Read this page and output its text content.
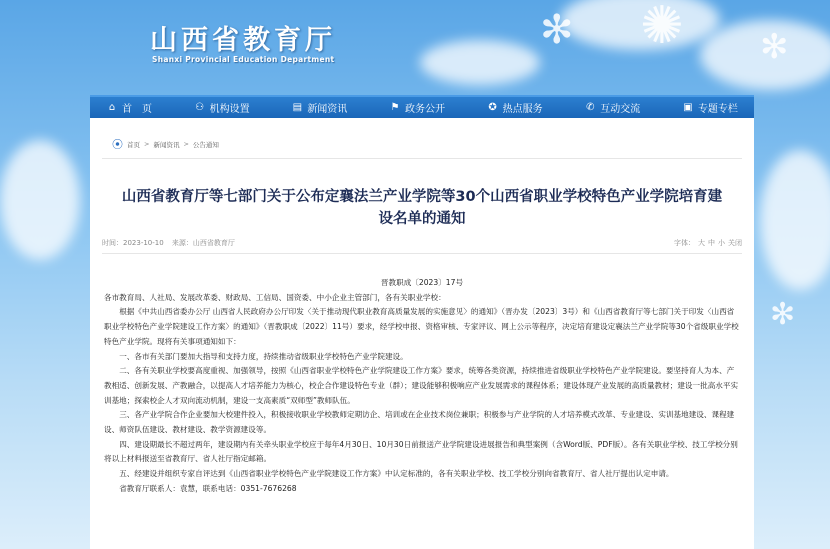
✻ ✺ ✻
山西省教育厅
Shanxi Provincial Education Department
✻
⌂ 首　页	⚇ 机构设置	▤ 新闻资讯	⚑ 政务公开	✪ 热点服务	✆ 互动交流	▣ 专题专栏
⦿ 首页 > 新闻资讯 > 公告通知
山西省教育厅等七部门关于公布定襄法兰产业学院等30个山西省职业学校特色产业学院培育建
设名单的通知
时间：2023-10-10 来源：山西省教育厅	字体： 大 中 小 关闭
晋教职成〔2023〕17号

各市教育局、人社局、发展改革委、财政局、工信局、国资委、中小企业主管部门，各有关职业学校：

根据《中共山西省委办公厅 山西省人民政府办公厅印发〈关于推动现代职业教育高质量发展的实施意见〉的通知》（晋办发〔2023〕3号）和《山西省教育厅等七部门关于印发〈山西省职业学校特色产业学院建设工作方案〉的通知》（晋教职成〔2022〕11号）要求，经学校申报、资格审核、专家评议、网上公示等程序，决定培育建设定襄法兰产业学院等30个省级职业学校特色产业学院。现将有关事项通知如下：

一、各市有关部门要加大指导和支持力度，持续推动省级职业学校特色产业学院建设。

二、各有关职业学校要高度重视、加强领导，按照《山西省职业学校特色产业学院建设工作方案》要求，统筹各类资源，持续推进省级职业学校特色产业学院建设。要坚持育人为本、产教相适、创新发展、产教融合，以提高人才培养能力为核心，校企合作建设特色专业（群）；建设能够积极响应产业发展需求的课程体系；建设体现产业发展的高质量教材；建设一批高水平实训基地；探索校企人才双向流动机制，建设一支高素质“双师型”教师队伍。

三、各产业学院合作企业要加大校建件投入，积极接收职业学校教师定期访企、培训或在企业技术岗位兼职；积极参与产业学院的人才培养模式改革、专业建设、实训基地建设、课程建设、师资队伍建设、教材建设、教学资源建设等。

四、建设期最长不超过两年，建设期内有关牵头职业学校应于每年4月30日、10月30日前报送产业学院建设进展报告和典型案例（含Word版、PDF版）。各有关职业学校、技工学校分别将以上材料报送至省教育厅、省人社厅指定邮箱。

五、经建设并组织专家自评达到《山西省职业学校特色产业学院建设工作方案》中认定标准的，各有关职业学校、技工学校分别向省教育厅、省人社厅提出认定申请。

省教育厅联系人：袁慧，联系电话：0351-7676268
